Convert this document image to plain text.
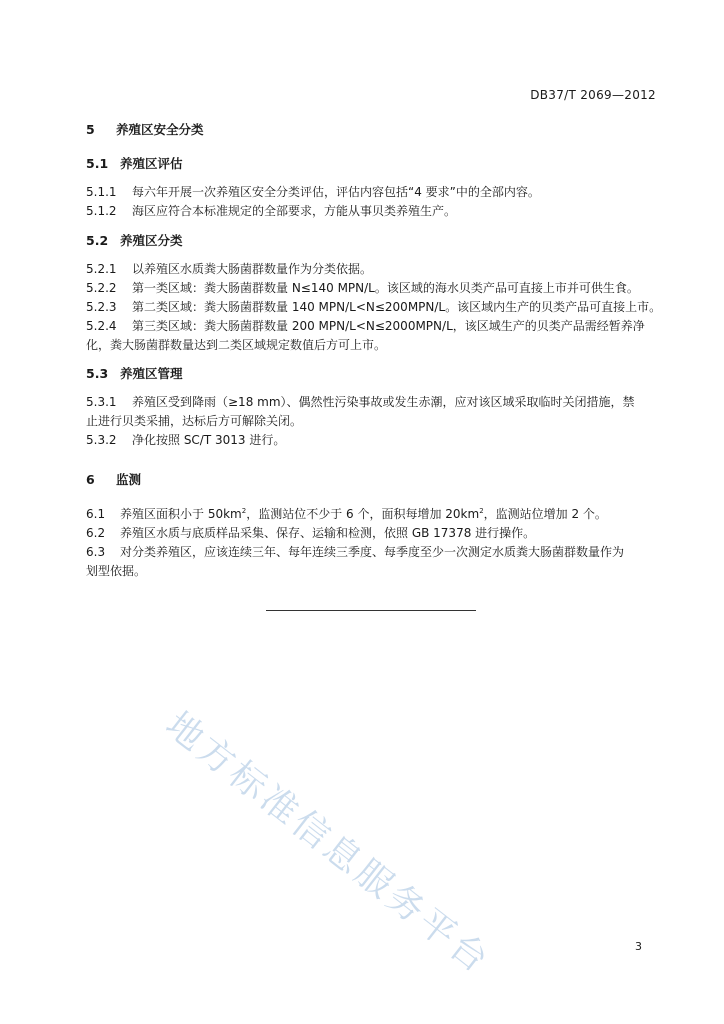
DB37/T 2069—2012
5 养殖区安全分类
5.1 养殖区评估
5.1.1 每六年开展一次养殖区安全分类评估，评估内容包括“4 要求”中的全部内容。
5.1.2 海区应符合本标准规定的全部要求，方能从事贝类养殖生产。
5.2 养殖区分类
5.2.1 以养殖区水质粪大肠菌群数量作为分类依据。
5.2.2 第一类区域：粪大肠菌群数量 N≤140 MPN/L。该区域的海水贝类产品可直接上市并可供生食。
5.2.3 第二类区域：粪大肠菌群数量 140 MPN/L<N≤200MPN/L。该区域内生产的贝类产品可直接上市。
5.2.4 第三类区域：粪大肠菌群数量 200 MPN/L<N≤2000MPN/L，该区域生产的贝类产品需经暂养净
化，粪大肠菌群数量达到二类区域规定数值后方可上市。
5.3 养殖区管理
5.3.1 养殖区受到降雨（≥18 mm）、偶然性污染事故或发生赤潮，应对该区域采取临时关闭措施，禁
止进行贝类采捕，达标后方可解除关闭。
5.3.2 净化按照 SC/T 3013 进行。
6 监测
6.1 养殖区面积小于 $50km^2$，监测站位不少于 6 个，面积每增加 $20km^2$，监测站位增加 2 个。
6.2 养殖区水质与底质样品采集、保存、运输和检测，依照 GB 17378 进行操作。
6.3 对分类养殖区，应该连续三年、每年连续三季度、每季度至少一次测定水质粪大肠菌群数量作为
划型依据。
地方标准信息服务平台	3
